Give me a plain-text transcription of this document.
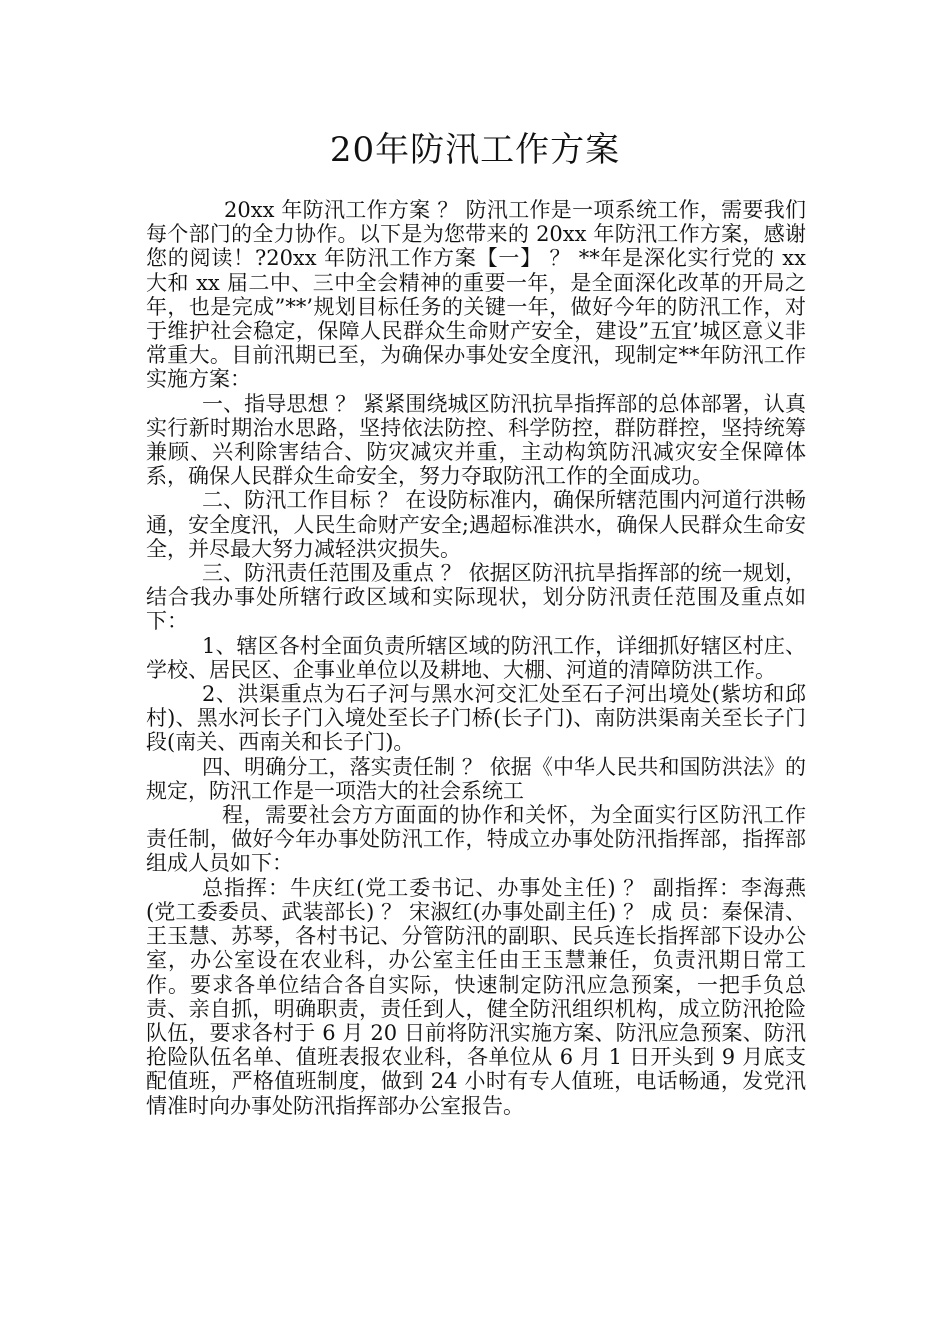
20年防汛工作方案

20xx 年防汛工作方案 ？ 防汛工作是一项系统工作，需要我们每个部门的全力协作。以下是为您带来的 20xx 年防汛工作方案，感谢您的阅读！?20xx 年防汛工作方案【一】 ？ **年是深化实行党的 xx 大和 xx 届二中、三中全会精神的重要一年，是全面深化改革的开局之年，也是完成”**’规划目标任务的关键一年，做好今年的防汛工作，对于维护社会稳定，保障人民群众生命财产安全，建设”五宜’城区意义非常重大。目前汛期已至，为确保办事处安全度汛，现制定**年防汛工作实施方案：

一、指导思想 ？ 紧紧围绕城区防汛抗旱指挥部的总体部署，认真实行新时期治水思路，坚持依法防控、科学防控，群防群控，坚持统筹兼顾、兴利除害结合、防灾减灾并重，主动构筑防汛减灾安全保障体系，确保人民群众生命安全，努力夺取防汛工作的全面成功。

二、防汛工作目标 ？ 在设防标准内，确保所辖范围内河道行洪畅通，安全度汛，人民生命财产安全;遇超标准洪水，确保人民群众生命安全，并尽最大努力减轻洪灾损失。

三、防汛责任范围及重点 ？ 依据区防汛抗旱指挥部的统一规划，结合我办事处所辖行政区域和实际现状，划分防汛责任范围及重点如下：

1、辖区各村全面负责所辖区域的防汛工作，详细抓好辖区村庄、学校、居民区、企事业单位以及耕地、大棚、河道的清障防洪工作。

2、洪渠重点为石子河与黑水河交汇处至石子河出境处(紫坊和邱村)、黑水河长子门入境处至长子门桥(长子门)、南防洪渠南关至长子门段(南关、西南关和长子门)。

四、明确分工，落实责任制 ？ 依据《中华人民共和国防洪法》的规定，防汛工作是一项浩大的社会系统工

程，需要社会方方面面的协作和关怀，为全面实行区防汛工作责任制，做好今年办事处防汛工作，特成立办事处防汛指挥部，指挥部组成人员如下：

总指挥：牛庆红(党工委书记、办事处主任) ？ 副指挥：李海燕(党工委委员、武装部长) ？ 宋淑红(办事处副主任) ？ 成 员：秦保清、王玉慧、苏琴，各村书记、分管防汛的副职、民兵连长指挥部下设办公室，办公室设在农业科，办公室主任由王玉慧兼任，负责汛期日常工作。要求各单位结合各自实际，快速制定防汛应急预案，一把手负总责、亲自抓，明确职责，责任到人，健全防汛组织机构，成立防汛抢险队伍，要求各村于 6 月 20 日前将防汛实施方案、防汛应急预案、防汛抢险队伍名单、值班表报农业科，各单位从 6 月 1 日开头到 9 月底支配值班，严格值班制度，做到 24 小时有专人值班，电话畅通，发党汛情准时向办事处防汛指挥部办公室报告。
